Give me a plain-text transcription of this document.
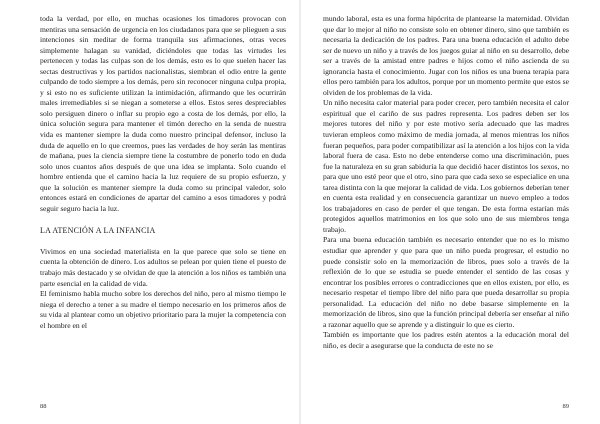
toda la verdad, por ello, en muchas ocasiones los timadores provocan con mentiras una sensación de urgencia en los ciudadanos para que se plieguen a sus intenciones sin meditar de forma tranquila sus afirmaciones, otras veces simplemente halagan su vanidad, diciéndoles que todas las virtudes les pertenecen y todas las culpas son de los demás, esto es lo que suelen hacer las sectas destructivas y los partidos nacionalistas, siembran el odio entre la gente culpando de todo siempre a los demás, pero sin reconocer ninguna culpa propia, y si esto no es suficiente utilizan la intimidación, afirmando que les ocurrirán males irremediables si se niegan a someterse a ellos. Estos seres despreciables solo persiguen dinero o inflar su propio ego a costa de los demás, por ello, la única solución segura para mantener el timón derecho en la senda de nuestra vida es mantener siempre la duda como nuestro principal defensor, incluso la duda de aquello en lo que creemos, pues las verdades de hoy serán las mentiras de mañana, pues la ciencia siempre tiene la costumbre de ponerlo todo en duda solo unos cuantos años después de que una idea se implanta. Solo cuando el hombre entienda que el camino hacia la luz requiere de su propio esfuerzo, y que la solución es mantener siempre la duda como su principal valedor, solo entonces estará en condiciones de apartar del camino a esos timadores y podrá seguir seguro hacia la luz.

LA ATENCIÓN A LA INFANCIA

Vivimos en una sociedad materialista en la que parece que solo se tiene en cuenta la obtención de dinero. Los adultos se pelean por quien tiene el puesto de trabajo más destacado y se olvidan de que la atención a los niños es también una parte esencial en la calidad de vida.

El feminismo habla mucho sobre los derechos del niño, pero al mismo tiempo le niega el derecho a tener a su madre el tiempo necesario en los primeros años de su vida al plantear como un objetivo prioritario para la mujer la competencia con el hombre en el

88

mundo laboral, esta es una forma hipócrita de plantearse la maternidad. Olvidan que dar lo mejor al niño no consiste solo en obtener dinero, sino que también es necesaria la dedicación de los padres. Para una buena educación el adulto debe ser de nuevo un niño y a través de los juegos guiar al niño en su desarrollo, debe ser a través de la amistad entre padres e hijos como el niño ascienda de su ignorancia hasta el conocimiento. Jugar con los niños es una buena terapia para ellos pero también para los adultos, porque por un momento permite que estos se olviden de los problemas de la vida.

Un niño necesita calor material para poder crecer, pero también necesita el calor espiritual que el cariño de sus padres representa. Los padres deben ser los mejores tutores del niño y por este motivo sería adecuado que las madres tuvieran empleos como máximo de media jornada, al menos mientras los niños fueran pequeños, para poder compatibilizar así la atención a los hijos con la vida laboral fuera de casa. Esto no debe entenderse como una discriminación, pues fue la naturaleza en su gran sabiduría la que decidió hacer distintos los sexos, no para que uno esté peor que el otro, sino para que cada sexo se especialice en una tarea distinta con la que mejorar la calidad de vida. Los gobiernos deberían tener en cuenta esta realidad y en consecuencia garantizar un nuevo empleo a todos los trabajadores en caso de perder el que tengan. De esta forma estarían más protegidos aquellos matrimonios en los que solo uno de sus miembros tenga trabajo.

Para una buena educación también es necesario entender que no es lo mismo estudiar que aprender y que para que un niño pueda progresar, el estudio no puede consistir solo en la memorización de libros, pues solo a través de la reflexión de lo que se estudia se puede entender el sentido de las cosas y encontrar los posibles errores o contradicciones que en ellos existen, por ello, es necesario respetar el tiempo libre del niño para que pueda desarrollar su propia personalidad. La educación del niño no debe basarse simplemente en la memorización de libros, sino que la función principal debería ser enseñar al niño a razonar aquello que se aprende y a distinguir lo que es cierto.

También es importante que los padres estén atentos a la educación moral del niño, es decir a asegurarse que la conducta de este no se

89
